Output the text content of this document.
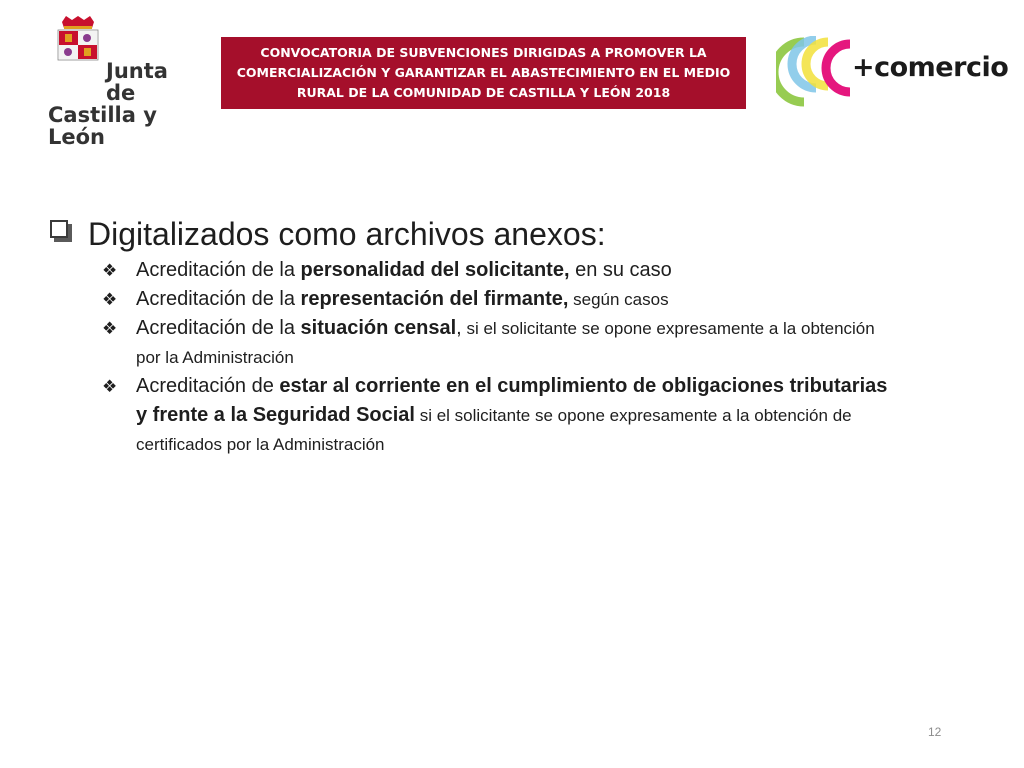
Junta de
Castilla y León
CONVOCATORIA DE SUBVENCIONES DIRIGIDAS A PROMOVER LA COMERCIALIZACIÓN Y GARANTIZAR EL ABASTECIMIENTO EN EL MEDIO RURAL DE LA COMUNIDAD DE CASTILLA Y LEÓN 2018
+comercio
Digitalizados como archivos anexos:
❖ Acreditación de la personalidad del solicitante, en su caso
❖ Acreditación de la representación del firmante, según casos
❖ Acreditación de la situación censal, si el solicitante se opone expresamente a la obtención por la Administración
❖ Acreditación de estar al corriente en el cumplimiento de obligaciones tributarias y frente a la Seguridad Social si el solicitante se opone expresamente a la obtención de certificados por la Administración
12
